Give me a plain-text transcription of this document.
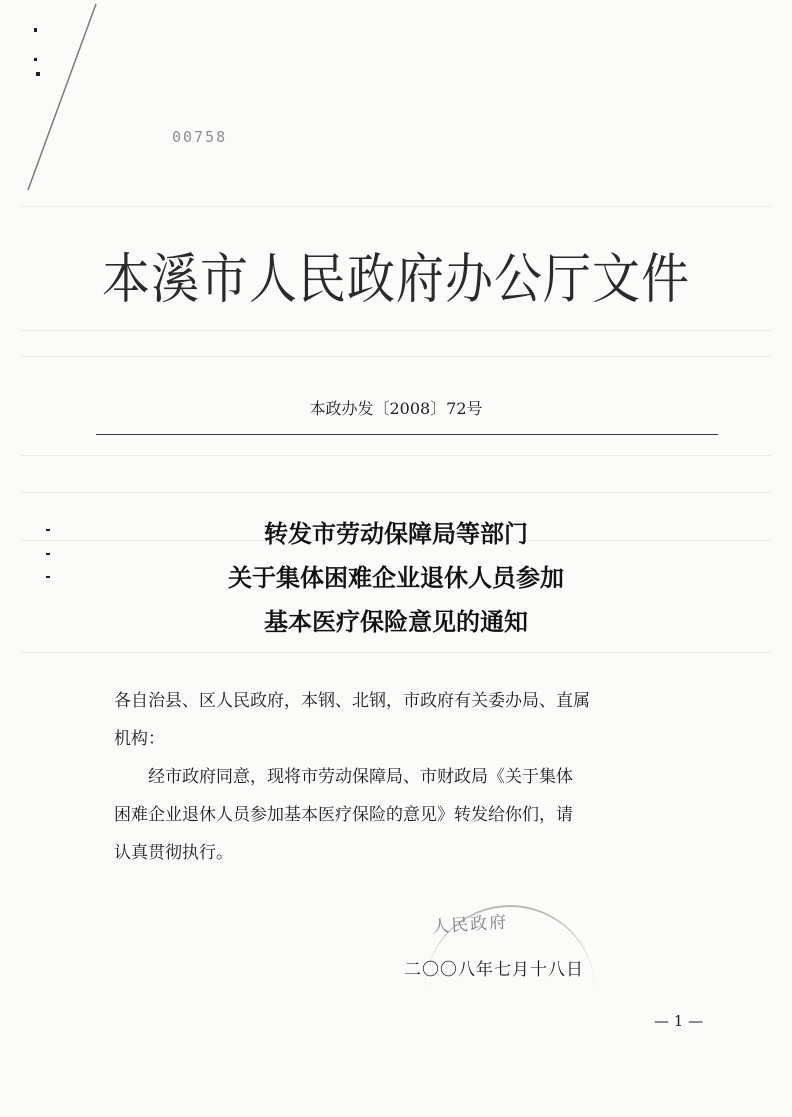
00758
本溪市人民政府办公厅文件
本政办发〔2008〕72号
转发市劳动保障局等部门
关于集体困难企业退休人员参加
基本医疗保险意见的通知

各自治县、区人民政府，本钢、北钢，市政府有关委办局、直属

机构：

经市政府同意，现将市劳动保障局、市财政局《关于集体

困难企业退休人员参加基本医疗保险的意见》转发给你们，请

认真贯彻执行。

人民政府
二〇〇八年七月十八日
— 1 —
